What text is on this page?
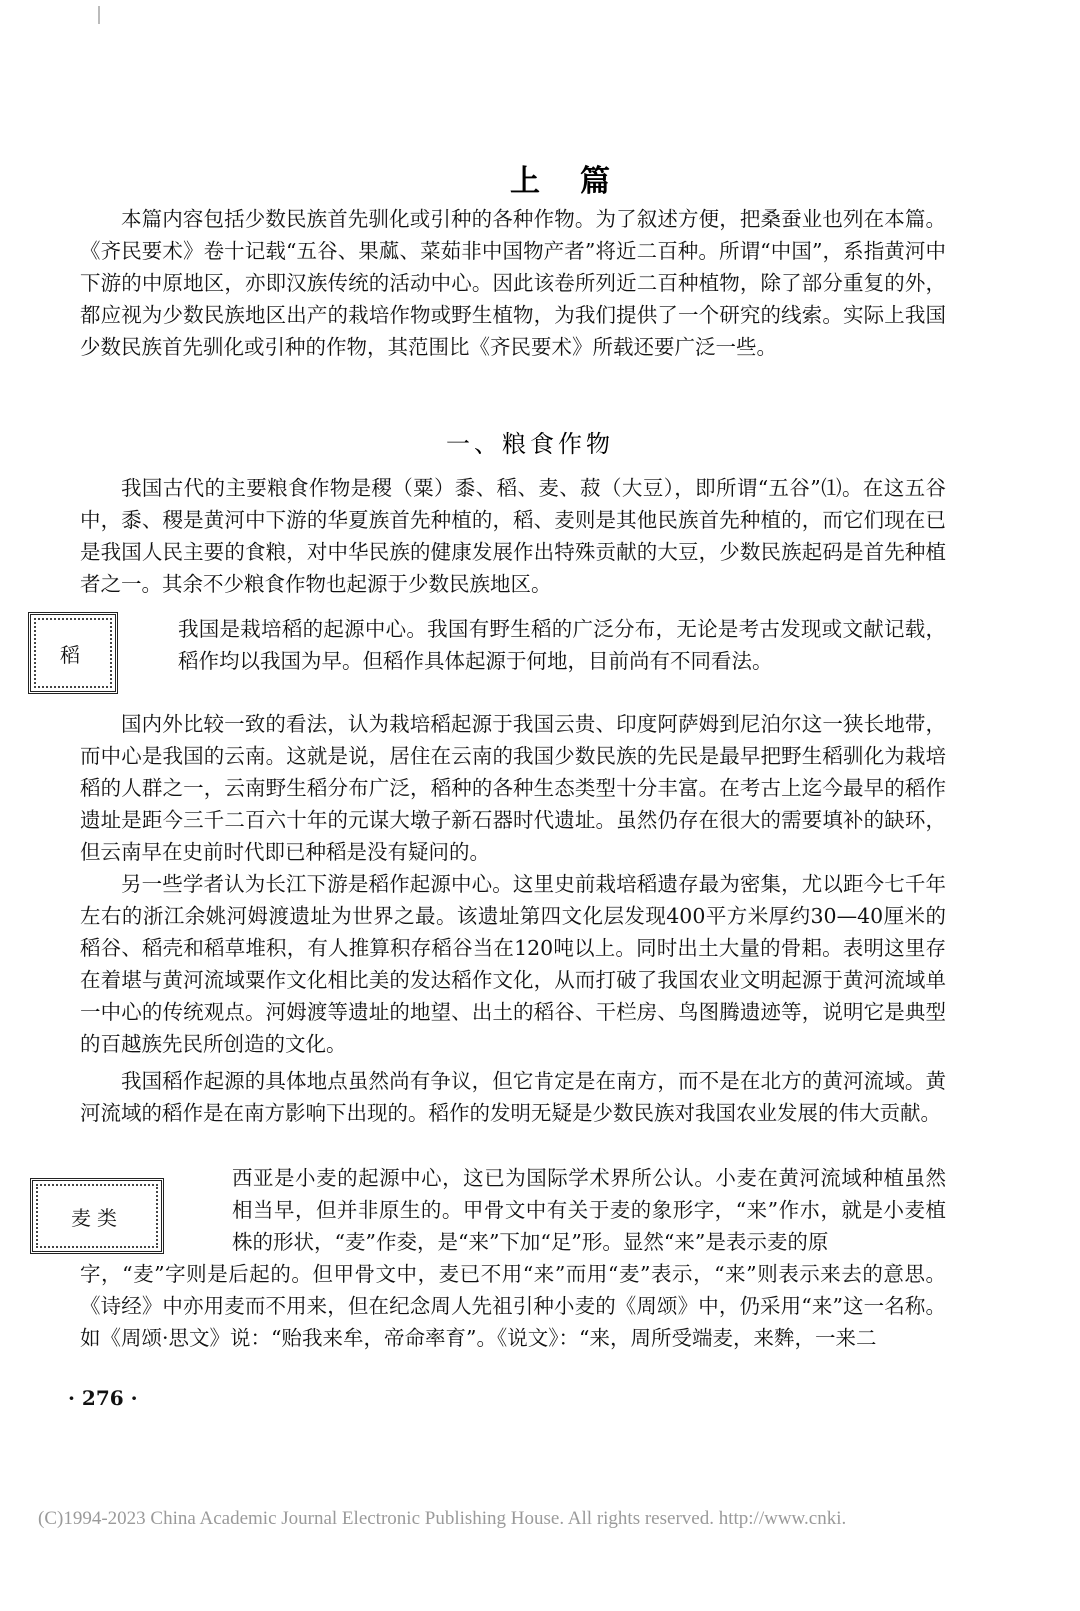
上篇

本篇内容包括少数民族首先驯化或引种的各种作物。为了叙述方便，把桑蚕业也列在本篇。《齐民要术》卷十记载“五谷、果蓏、菜茹非中国物产者”将近二百种。所谓“中国”，系指黄河中下游的中原地区，亦即汉族传统的活动中心。因此该卷所列近二百种植物，除了部分重复的外，都应视为少数民族地区出产的栽培作物或野生植物，为我们提供了一个研究的线索。实际上我国少数民族首先驯化或引种的作物，其范围比《齐民要术》所载还要广泛一些。

一、粮食作物

我国古代的主要粮食作物是稷（粟）黍、稻、麦、菽（大豆），即所谓“五谷”⑴。在这五谷中，黍、稷是黄河中下游的华夏族首先种植的，稻、麦则是其他民族首先种植的，而它们现在已是我国人民主要的食粮，对中华民族的健康发展作出特殊贡献的大豆，少数民族起码是首先种植者之一。其余不少粮食作物也起源于少数民族地区。

稻

我国是栽培稻的起源中心。我国有野生稻的广泛分布，无论是考古发现或文献记载，稻作均以我国为早。但稻作具体起源于何地，目前尚有不同看法。

国内外比较一致的看法，认为栽培稻起源于我国云贵、印度阿萨姆到尼泊尔这一狭长地带，而中心是我国的云南。这就是说，居住在云南的我国少数民族的先民是最早把野生稻驯化为栽培稻的人群之一，云南野生稻分布广泛，稻种的各种生态类型十分丰富。在考古上迄今最早的稻作遗址是距今三千二百六十年的元谋大墩子新石器时代遗址。虽然仍存在很大的需要填补的缺环，但云南早在史前时代即已种稻是没有疑问的。

另一些学者认为长江下游是稻作起源中心。这里史前栽培稻遗存最为密集，尤以距今七千年左右的浙江余姚河姆渡遗址为世界之最。该遗址第四文化层发现400平方米厚约30—40厘米的稻谷、稻壳和稻草堆积，有人推算积存稻谷当在120吨以上。同时出土大量的骨耜。表明这里存在着堪与黄河流域粟作文化相比美的发达稻作文化，从而打破了我国农业文明起源于黄河流域单一中心的传统观点。河姆渡等遗址的地望、出土的稻谷、干栏房、鸟图腾遗迹等，说明它是典型的百越族先民所创造的文化。

我国稻作起源的具体地点虽然尚有争议，但它肯定是在南方，而不是在北方的黄河流域。黄河流域的稻作是在南方影响下出现的。稻作的发明无疑是少数民族对我国农业发展的伟大贡献。

麦类

西亚是小麦的起源中心，这已为国际学术界所公认。小麦在黄河流域种植虽然相当早，但并非原生的。甲骨文中有关于麦的象形字，“来”作朩，就是小麦植株的形状，“麦”作夌，是“来”下加“足”形。显然“来”是表示麦的原

字，“麦”字则是后起的。但甲骨文中，麦已不用“来”而用“麦”表示，“来”则表示来去的意思。《诗经》中亦用麦而不用来，但在纪念周人先祖引种小麦的《周颂》中，仍采用“来”这一名称。如《周颂·思文》说：“贻我来牟，帝命率育”。《说文》：“来，周所受端麦，来麰，一来二

· 276 ·
(C)1994-2023 China Academic Journal Electronic Publishing House. All rights reserved. http://www.cnki.
